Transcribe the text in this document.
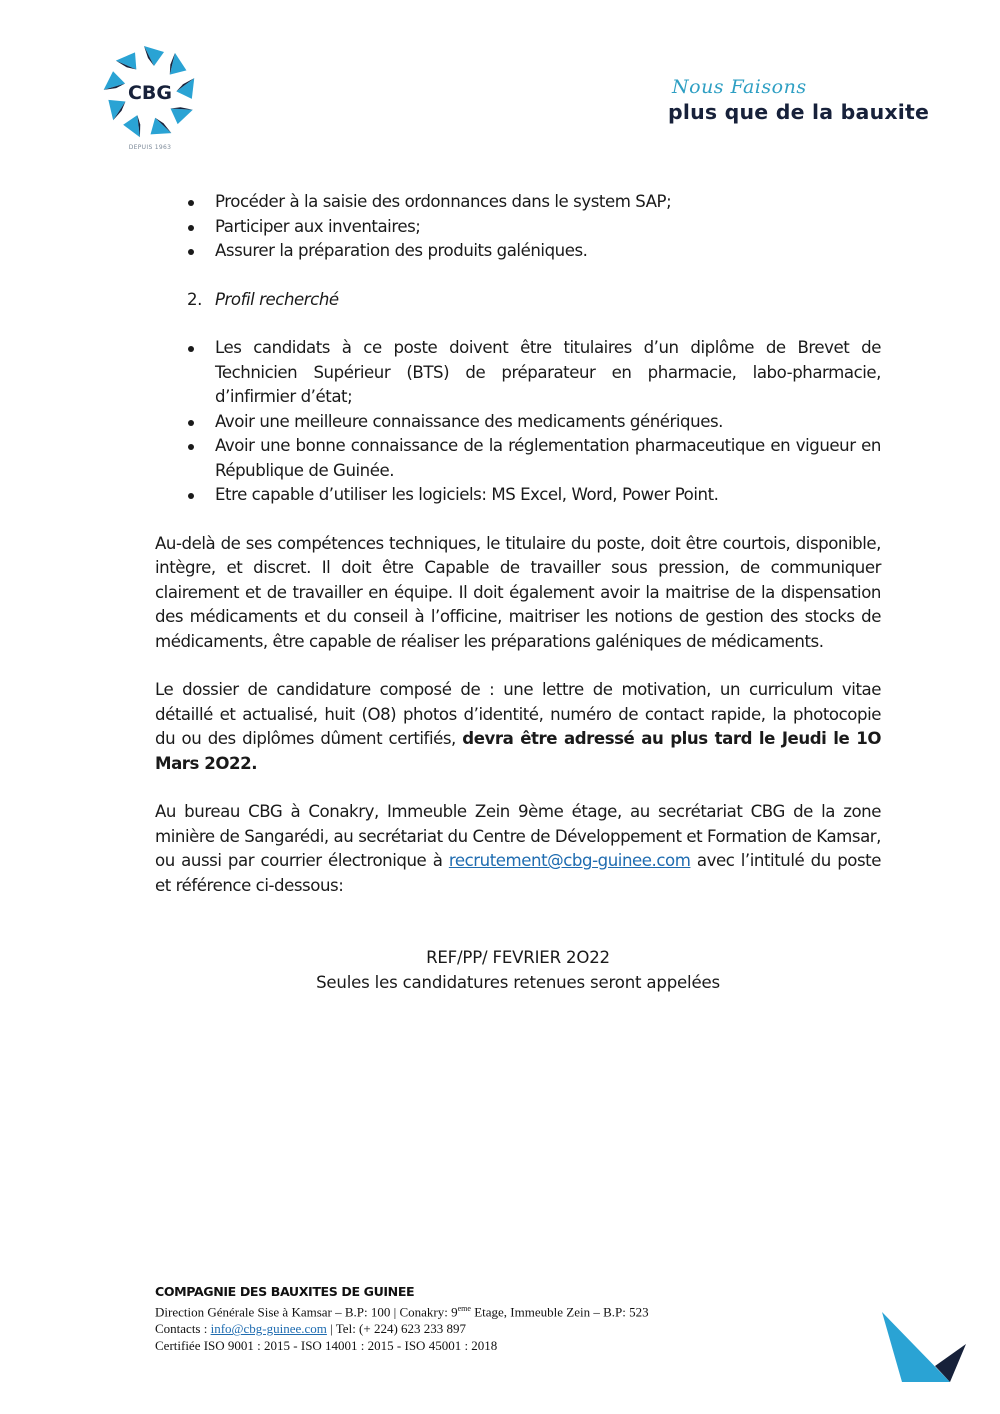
CBG
DEPUIS 1963
Nous Faisons
plus que de la bauxite
Procéder à la saisie des ordonnances dans le system SAP;
Participer aux inventaires;
Assurer la préparation des produits galéniques.
2. Profil recherché
Les candidats à ce poste doivent être titulaires d’un diplôme de Brevet de Technicien Supérieur (BTS) de préparateur en pharmacie, labo-pharmacie, d’infirmier d’état;
Avoir une meilleure connaissance des medicaments génériques.
Avoir une bonne connaissance de la réglementation pharmaceutique en vigueur en République de Guinée.
Etre capable d’utiliser les logiciels: MS Excel, Word, Power Point.

Au-delà de ses compétences techniques, le titulaire du poste, doit être courtois, disponible, intègre, et discret. Il doit être Capable de travailler sous pression, de communiquer clairement et de travailler en équipe. Il doit également avoir la maitrise de la dispensation des médicaments et du conseil à l’officine, maitriser les notions de gestion des stocks de médicaments, être capable de réaliser les préparations galéniques de médicaments.

Le dossier de candidature composé de : une lettre de motivation, un curriculum vitae détaillé et actualisé, huit (O8) photos d’identité, numéro de contact rapide, la photocopie du ou des diplômes dûment certifiés, devra être adressé au plus tard le Jeudi le 1O Mars 2O22.

Au bureau CBG à Conakry, Immeuble Zein 9ème étage, au secrétariat CBG de la zone minière de Sangarédi, au secrétariat du Centre de Développement et Formation de Kamsar, ou aussi par courrier électronique à recrutement@cbg-guinee.com avec l’intitulé du poste et référence ci-dessous:

REF/PP/ FEVRIER 2O22
Seules les candidatures retenues seront appelées
COMPAGNIE DES BAUXITES DE GUINEE
Direction Générale Sise à Kamsar – B.P: 100 | Conakry: 9eme Etage, Immeuble Zein – B.P: 523
Contacts : info@cbg-guinee.com | Tel: (+ 224) 623 233 897
Certifiée ISO 9001 : 2015 - ISO 14001 : 2015 - ISO 45001 : 2018
